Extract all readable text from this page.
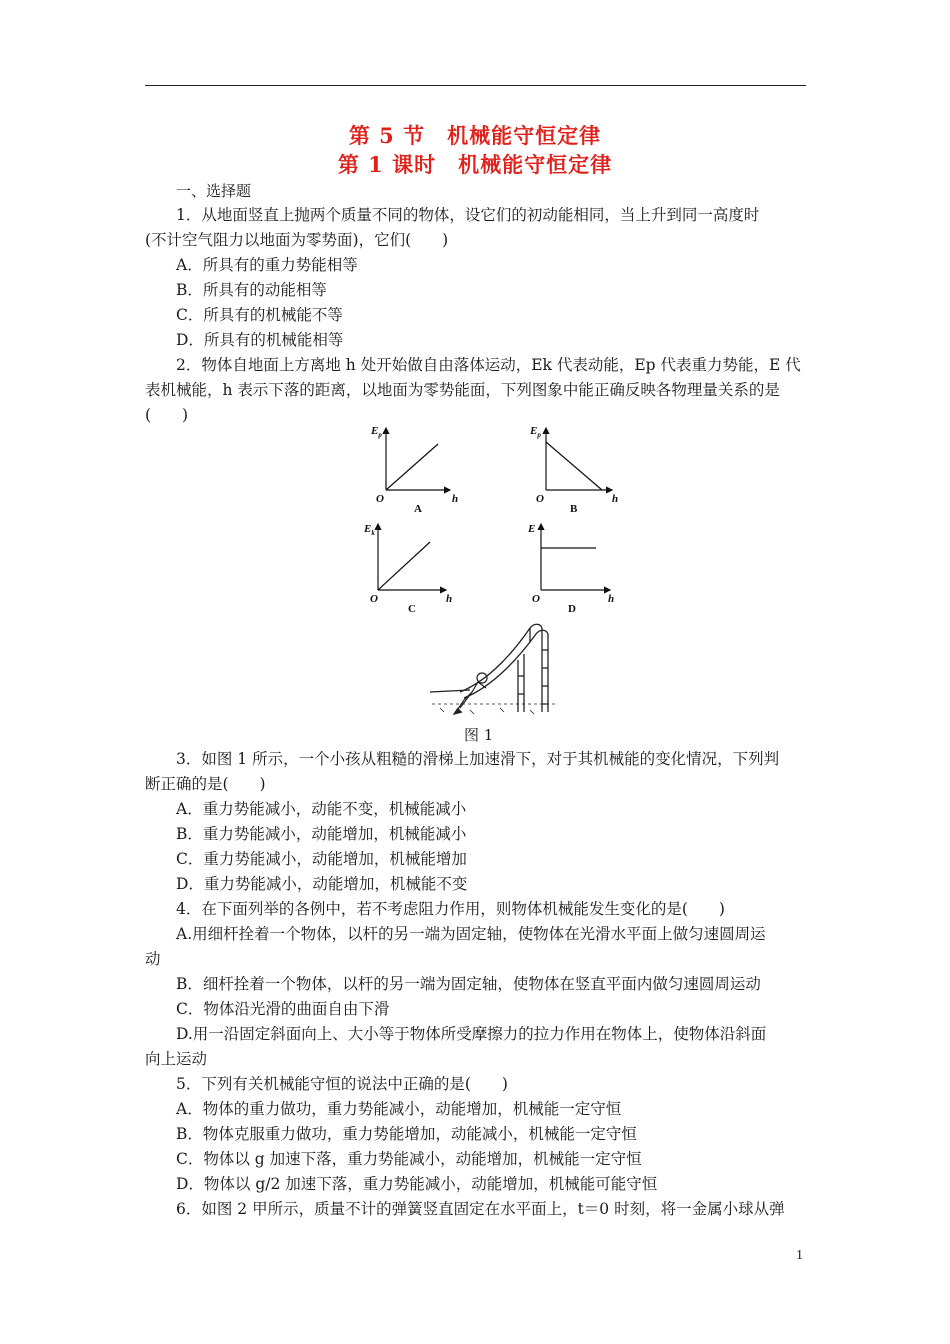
第 5 节　机械能守恒定律
第 1 课时　机械能守恒定律
一、选择题
1．从地面竖直上抛两个质量不同的物体，设它们的初动能相同，当上升到同一高度时
(不计空气阻力以地面为零势面)，它们(　　)
A．所具有的重力势能相等
B．所具有的动能相等
C．所具有的机械能不等
D．所具有的机械能相等
2．物体自地面上方离地 h 处开始做自由落体运动，Ek 代表动能，Ep 代表重力势能，E 代
表机械能，h 表示下落的距离，以地面为零势能面，下列图象中能正确反映各物理量关系的是
(　　)
$E_p$
O	h
A
$E_p$
O	h
B
$E_k$
O	h
C
E
O	h
D
图 1
3．如图 1 所示，一个小孩从粗糙的滑梯上加速滑下，对于其机械能的变化情况，下列判
断正确的是(　　)
A．重力势能减小，动能不变，机械能减小
B．重力势能减小，动能增加，机械能减小
C．重力势能减小，动能增加，机械能增加
D．重力势能减小，动能增加，机械能不变
4．在下面列举的各例中，若不考虑阻力作用，则物体机械能发生变化的是(　　)
A.用细杆拴着一个物体，以杆的另一端为固定轴，使物体在光滑水平面上做匀速圆周运
动
B．细杆拴着一个物体，以杆的另一端为固定轴，使物体在竖直平面内做匀速圆周运动
C．物体沿光滑的曲面自由下滑
D.用一沿固定斜面向上、大小等于物体所受摩擦力的拉力作用在物体上，使物体沿斜面
向上运动
5．下列有关机械能守恒的说法中正确的是(　　)
A．物体的重力做功，重力势能减小，动能增加，机械能一定守恒
B．物体克服重力做功，重力势能增加，动能减小，机械能一定守恒
C．物体以 g 加速下落，重力势能减小，动能增加，机械能一定守恒
D．物体以 g/2 加速下落，重力势能减小，动能增加，机械能可能守恒
6．如图 2 甲所示，质量不计的弹簧竖直固定在水平面上，t＝0 时刻，将一金属小球从弹
1
